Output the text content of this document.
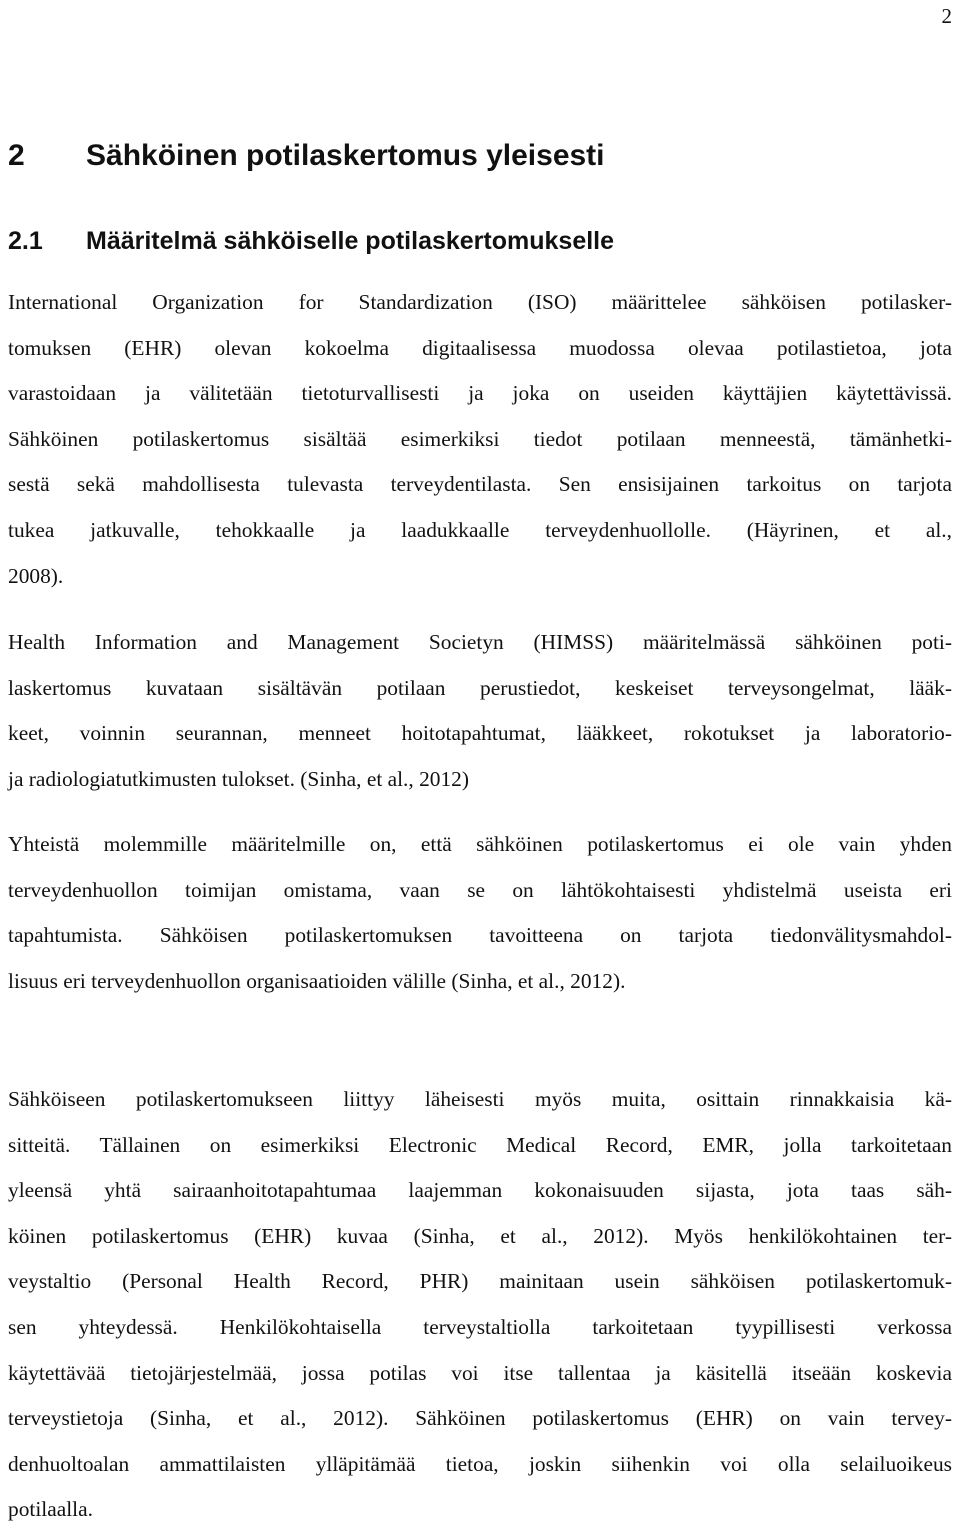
2
2 Sähköinen potilaskertomus yleisesti
2.1 Määritelmä sähköiselle potilaskertomukselle
International Organization for Standardization (ISO) määrittelee sähköisen potilasker-
tomuksen (EHR) olevan kokoelma digitaalisessa muodossa olevaa potilastietoa, jota
varastoidaan ja välitetään tietoturvallisesti ja joka on useiden käyttäjien käytettävissä.
Sähköinen potilaskertomus sisältää esimerkiksi tiedot potilaan menneestä, tämänhetki-
sestä sekä mahdollisesta tulevasta terveydentilasta. Sen ensisijainen tarkoitus on tarjota
tukea jatkuvalle, tehokkaalle ja laadukkaalle terveydenhuollolle. (Häyrinen, et al.,
2008).
Health Information and Management Societyn (HIMSS) määritelmässä sähköinen poti-
laskertomus kuvataan sisältävän potilaan perustiedot, keskeiset terveysongelmat, lääk-
keet, voinnin seurannan, menneet hoitotapahtumat, lääkkeet, rokotukset ja laboratorio-
ja radiologiatutkimusten tulokset. (Sinha, et al., 2012)
Yhteistä molemmille määritelmille on, että sähköinen potilaskertomus ei ole vain yhden
terveydenhuollon toimijan omistama, vaan se on lähtökohtaisesti yhdistelmä useista eri
tapahtumista. Sähköisen potilaskertomuksen tavoitteena on tarjota tiedonvälitysmahdol-
lisuus eri terveydenhuollon organisaatioiden välille (Sinha, et al., 2012).
Sähköiseen potilaskertomukseen liittyy läheisesti myös muita, osittain rinnakkaisia kä-
sitteitä. Tällainen on esimerkiksi Electronic Medical Record, EMR, jolla tarkoitetaan
yleensä yhtä sairaanhoitotapahtumaa laajemman kokonaisuuden sijasta, jota taas säh-
köinen potilaskertomus (EHR) kuvaa (Sinha, et al., 2012). Myös henkilökohtainen ter-
veystaltio (Personal Health Record, PHR) mainitaan usein sähköisen potilaskertomuk-
sen yhteydessä. Henkilökohtaisella terveystaltiolla tarkoitetaan tyypillisesti verkossa
käytettävää tietojärjestelmää, jossa potilas voi itse tallentaa ja käsitellä itseään koskevia
terveystietoja (Sinha, et al., 2012). Sähköinen potilaskertomus (EHR) on vain tervey-
denhuoltoalan ammattilaisten ylläpitämää tietoa, joskin siihenkin voi olla selailuoikeus
potilaalla.
